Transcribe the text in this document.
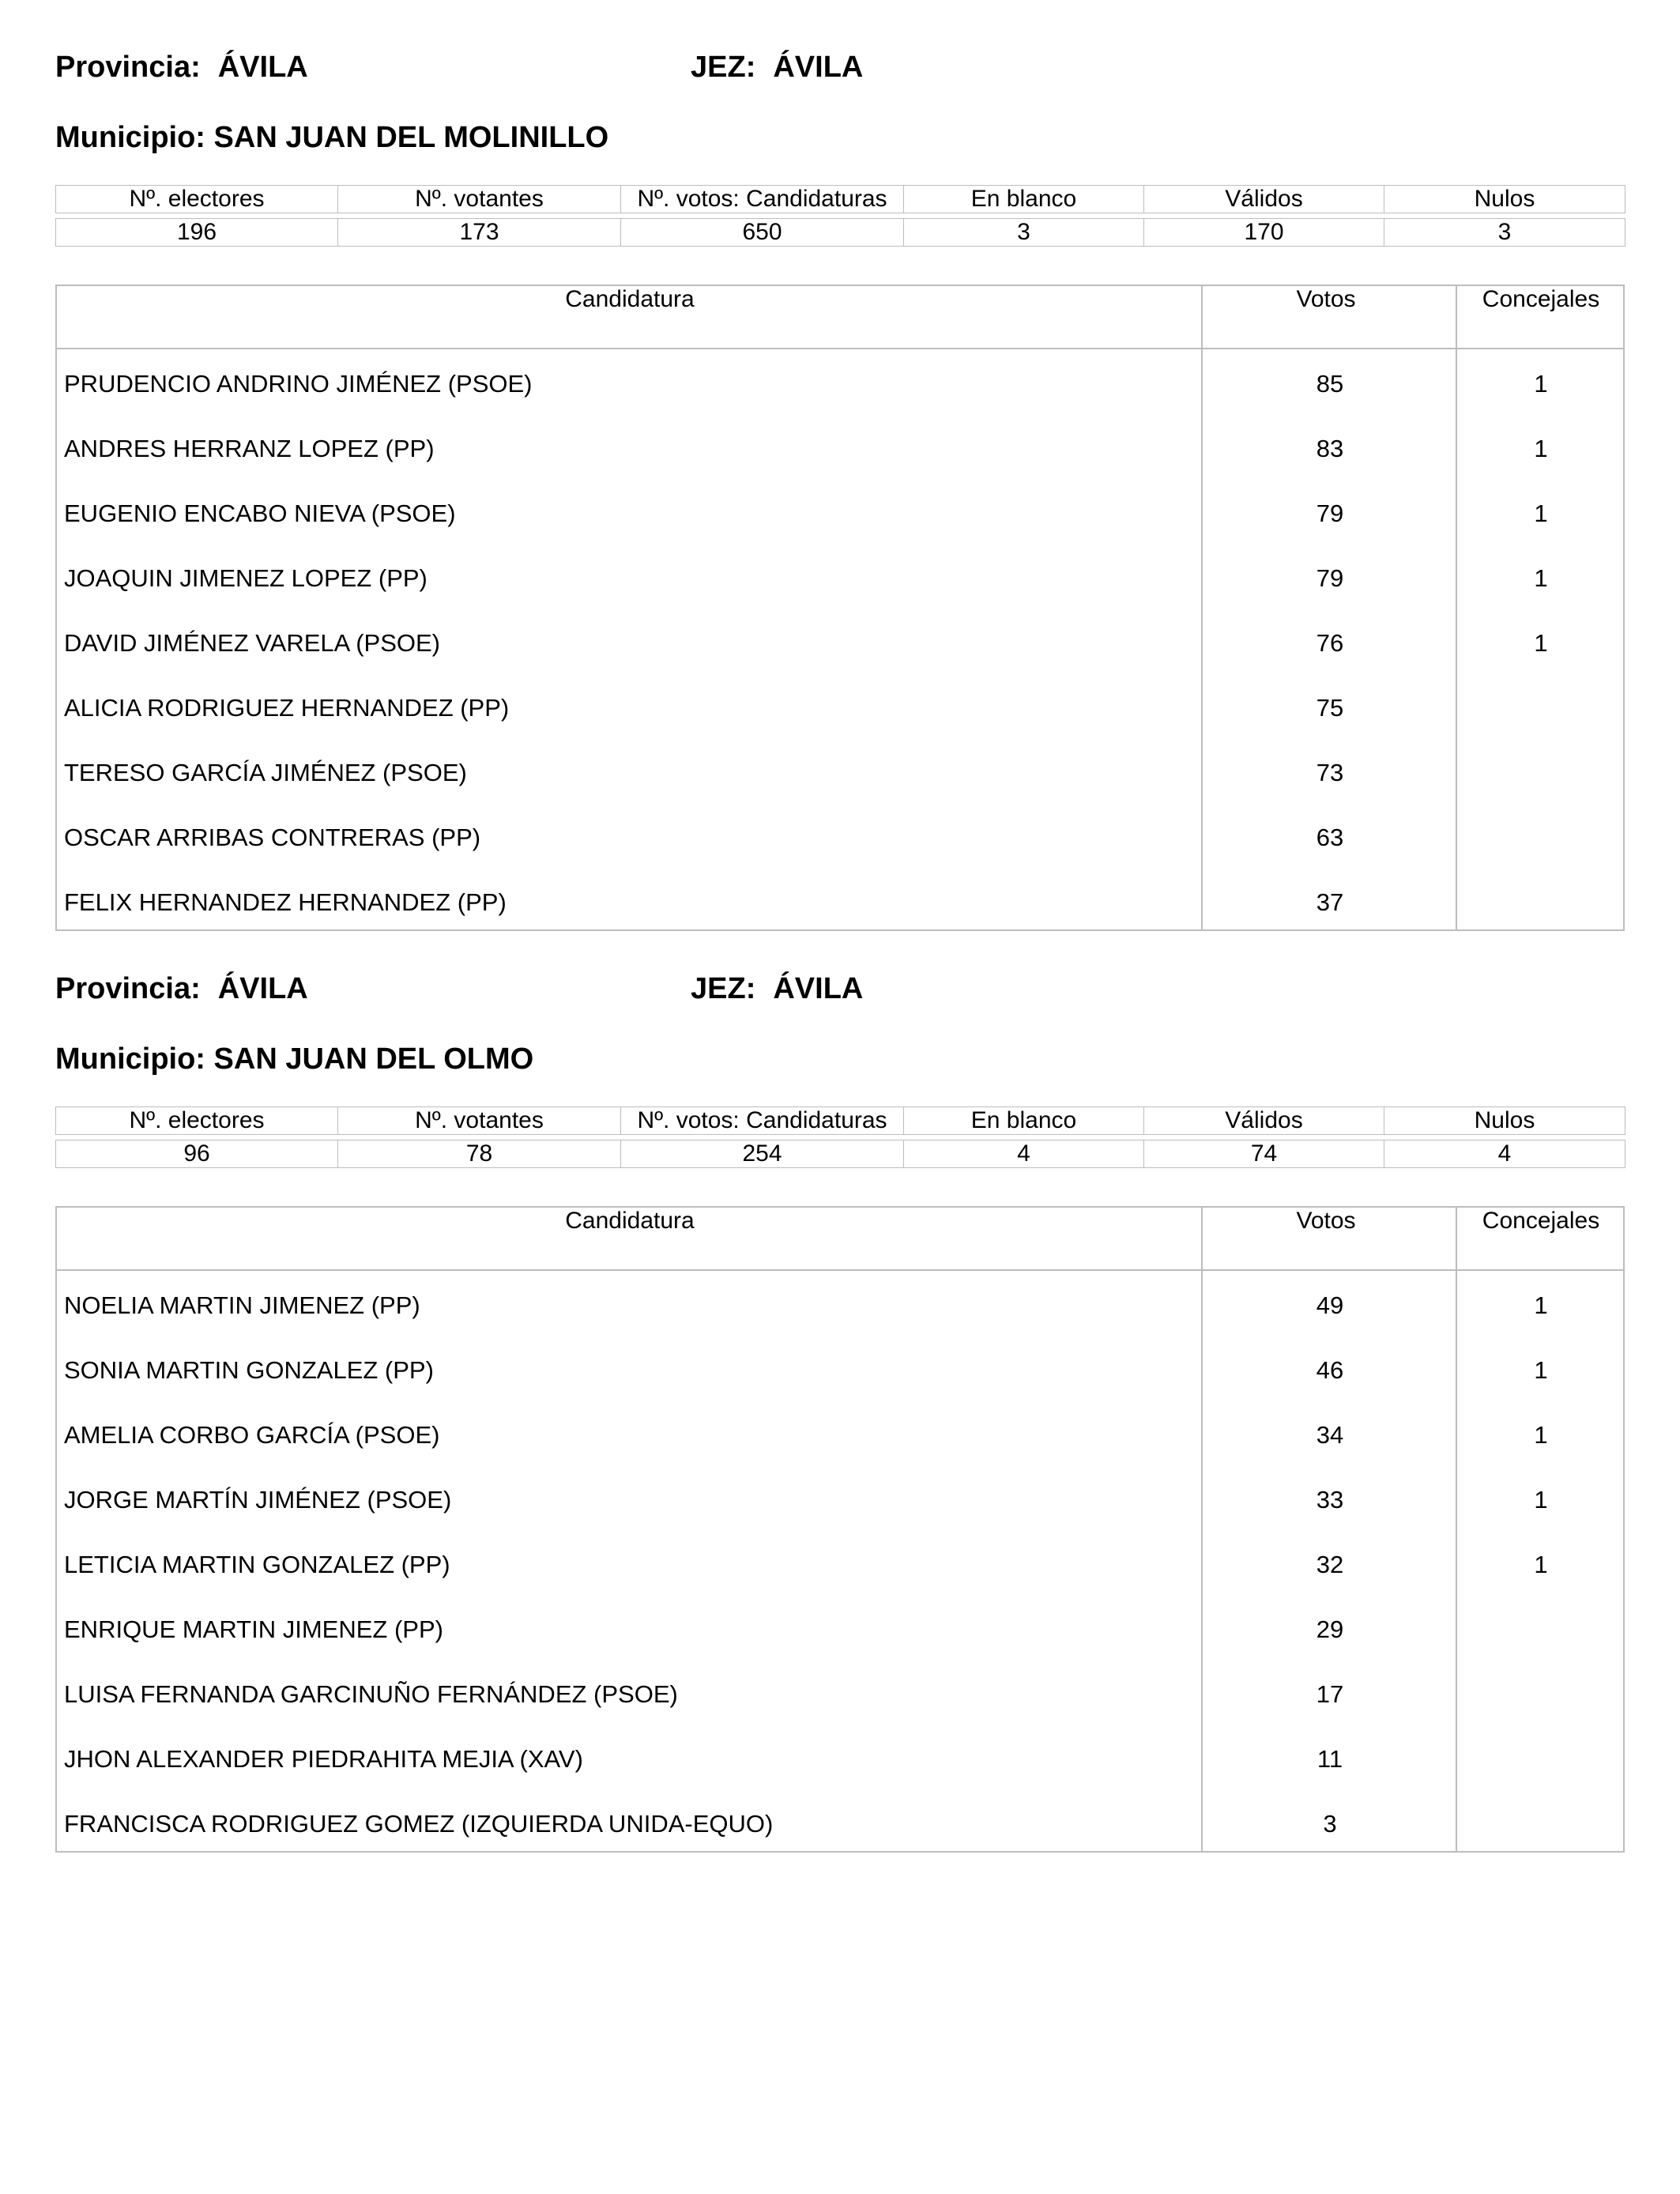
Provincia: ÁVILA	JEZ: ÁVILA
Municipio: SAN JUAN DEL MOLINILLO
Nº. electores	Nº. votantes	Nº. votos: Candidaturas	En blanco	Válidos	Nulos

196	173	650	3	170	3
Candidatura	Votos	Concejales
PRUDENCIO ANDRINO JIMÉNEZ (PSOE)	85	1
ANDRES HERRANZ LOPEZ (PP)	83	1
EUGENIO ENCABO NIEVA (PSOE)	79	1
JOAQUIN JIMENEZ LOPEZ (PP)	79	1
DAVID JIMÉNEZ VARELA (PSOE)	76	1
ALICIA RODRIGUEZ HERNANDEZ (PP)	75
TERESO GARCÍA JIMÉNEZ (PSOE)	73
OSCAR ARRIBAS CONTRERAS (PP)	63
FELIX HERNANDEZ HERNANDEZ (PP)	37
Provincia: ÁVILA	JEZ: ÁVILA
Municipio: SAN JUAN DEL OLMO
Nº. electores	Nº. votantes	Nº. votos: Candidaturas	En blanco	Válidos	Nulos

96	78	254	4	74	4
Candidatura	Votos	Concejales
NOELIA MARTIN JIMENEZ (PP)	49	1
SONIA MARTIN GONZALEZ (PP)	46	1
AMELIA CORBO GARCÍA (PSOE)	34	1
JORGE MARTÍN JIMÉNEZ (PSOE)	33	1
LETICIA MARTIN GONZALEZ (PP)	32	1
ENRIQUE MARTIN JIMENEZ (PP)	29
LUISA FERNANDA GARCINUÑO FERNÁNDEZ (PSOE)	17
JHON ALEXANDER PIEDRAHITA MEJIA (XAV)	11
FRANCISCA RODRIGUEZ GOMEZ (IZQUIERDA UNIDA-EQUO)	3
